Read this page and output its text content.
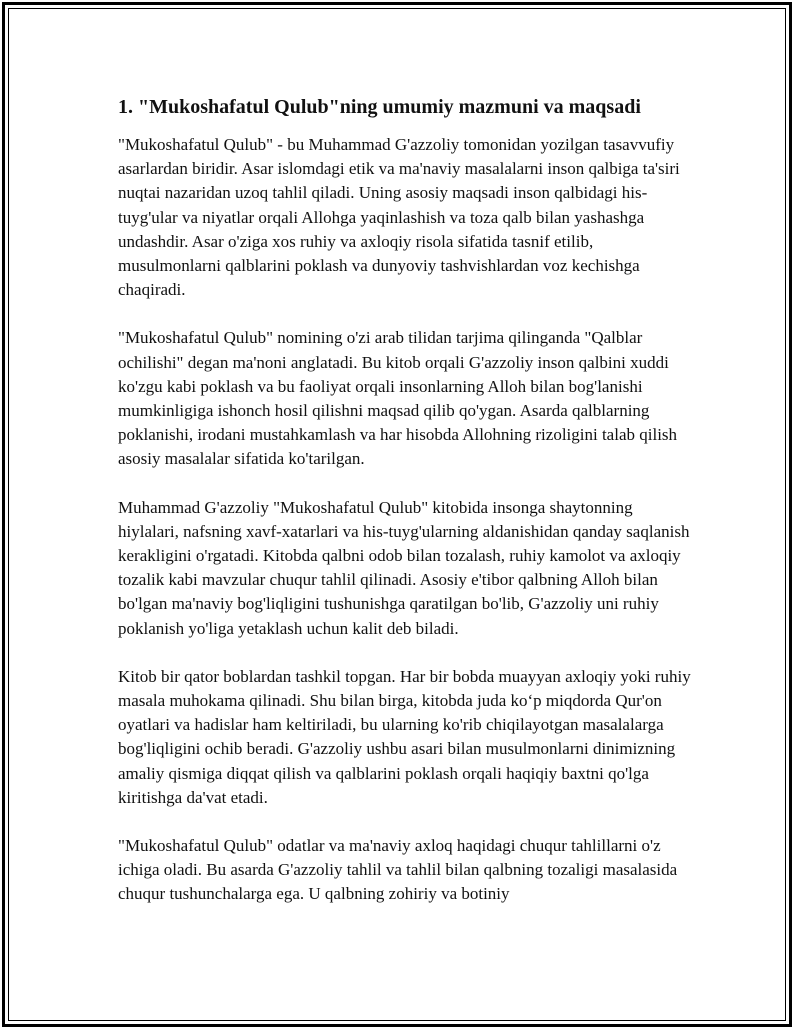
1. "Mukoshafatul Qulub"ning umumiy mazmuni va maqsadi

"Mukoshafatul Qulub" - bu Muhammad G'azzoliy tomonidan yozilgan tasavvufiy asarlardan biridir. Asar islomdagi etik va ma'naviy masalalarni inson qalbiga ta'siri nuqtai nazaridan uzoq tahlil qiladi. Uning asosiy maqsadi inson qalbidagi his-tuyg'ular va niyatlar orqali Allohga yaqinlashish va toza qalb bilan yashashga undashdir. Asar o'ziga xos ruhiy va axloqiy risola sifatida tasnif etilib, musulmonlarni qalblarini poklash va dunyoviy tashvishlardan voz kechishga chaqiradi.

"Mukoshafatul Qulub" nomining o'zi arab tilidan tarjima qilinganda "Qalblar ochilishi" degan ma'noni anglatadi. Bu kitob orqali G'azzoliy inson qalbini xuddi ko'zgu kabi poklash va bu faoliyat orqali insonlarning Alloh bilan bog'lanishi mumkinligiga ishonch hosil qilishni maqsad qilib qo'ygan. Asarda qalblarning poklanishi, irodani mustahkamlash va har hisobda Allohning rizoligini talab qilish asosiy masalalar sifatida ko'tarilgan.

Muhammad G'azzoliy "Mukoshafatul Qulub" kitobida insonga shaytonning hiylalari, nafsning xavf-xatarlari va his-tuyg'ularning aldanishidan qanday saqlanish kerakligini o'rgatadi. Kitobda qalbni odob bilan tozalash, ruhiy kamolot va axloqiy tozalik kabi mavzular chuqur tahlil qilinadi. Asosiy e'tibor qalbning Alloh bilan bo'lgan ma'naviy bog'liqligini tushunishga qaratilgan bo'lib, G'azzoliy uni ruhiy poklanish yo'liga yetaklash uchun kalit deb biladi.

Kitob bir qator boblardan tashkil topgan. Har bir bobda muayyan axloqiy yoki ruhiy masala muhokama qilinadi. Shu bilan birga, kitobda juda koʻp miqdorda Qur'on oyatlari va hadislar ham keltiriladi, bu ularning ko'rib chiqilayotgan masalalarga bog'liqligini ochib beradi. G'azzoliy ushbu asari bilan musulmonlarni dinimizning amaliy qismiga diqqat qilish va qalblarini poklash orqali haqiqiy baxtni qo'lga kiritishga da'vat etadi.

"Mukoshafatul Qulub" odatlar va ma'naviy axloq haqidagi chuqur tahlillarni o'z ichiga oladi. Bu asarda G'azzoliy tahlil va tahlil bilan qalbning tozaligi masalasida chuqur tushunchalarga ega. U qalbning zohiriy va botiniy
